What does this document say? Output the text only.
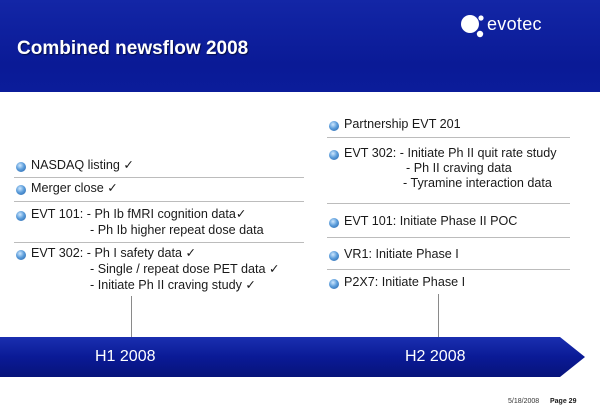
Combined newsflow 2008
evotec
NASDAQ listing ✓
Merger close ✓
EVT 101: - Ph Ib fMRI cognition data✓
- Ph Ib higher repeat dose data
EVT 302: - Ph I safety data ✓
- Single / repeat dose PET data ✓
- Initiate Ph II craving study ✓
Partnership EVT 201
EVT 302: - Initiate Ph II quit rate study
- Ph II craving data
- Tyramine interaction data
EVT 101: Initiate Phase II POC
VR1: Initiate Phase I
P2X7: Initiate Phase I
H1 2008	H2 2008
5/18/2008 Page 29
